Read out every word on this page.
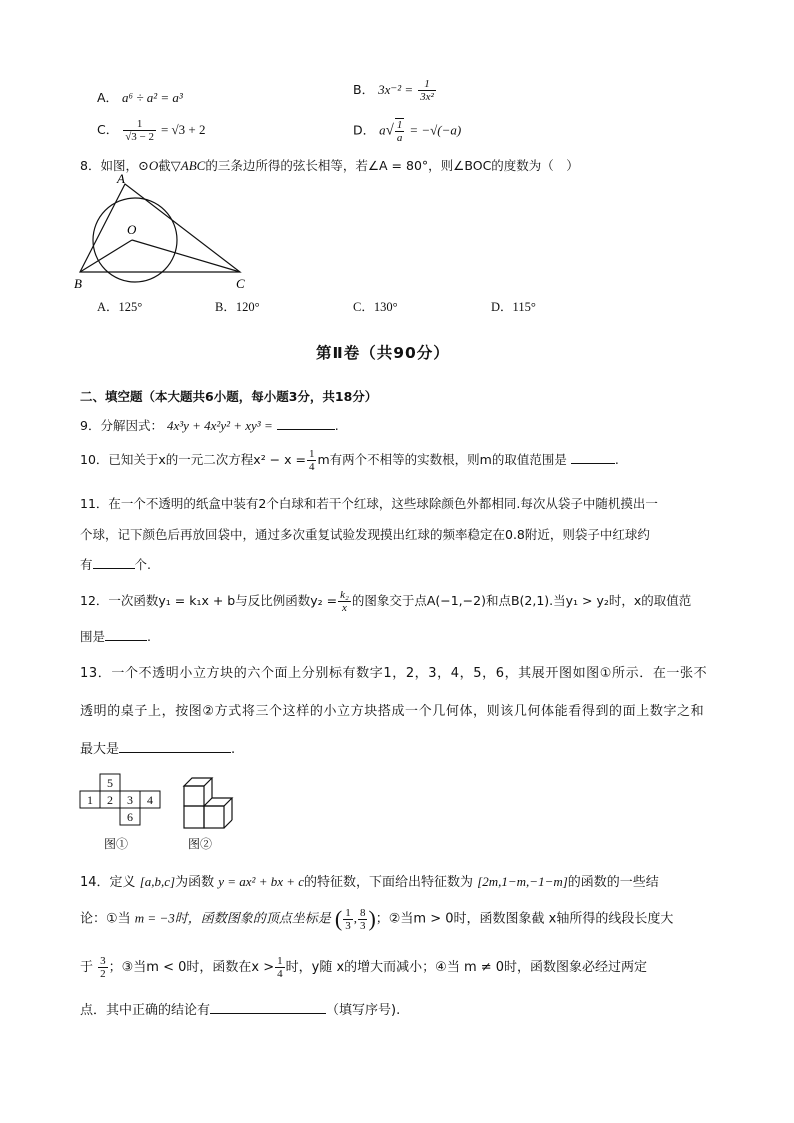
A． a⁶ ÷ a² = a³
B． $3x^{-2} = \frac{1}{\text{3x²}}$
C． $\frac{1}{√3 - 2} = √3 + 2$	D． $a√ \frac{1}{a} = -√(-a)$
8．如图，⊙O截▽ABC的三条边所得的弦长相等，若∠A = 80°，则∠BOC的度数为（　）
A
O
B	C
A．125°	B．120°	C．130°	D．115°
第Ⅱ卷（共90分）
二、填空题（本大题共6小题，每小题3分，共18分）
9．分解因式： 4x³y + 4x²y² + xy³ =	.
10．已知关于x的一元二次方程$x^2 - x = \frac{1}{4}$ m有两个不相等的实数根，则m的取值范围是	.
11．在一个不透明的纸盒中装有2个白球和若干个红球，这些球除颜色外都相同.每次从袋子中随机摸出一
个球，记下颜色后再放回袋中，通过多次重复试验发现摸出红球的频率稳定在0.8附近，则袋子中红球约
有	个.
12．一次函数y₁ = k₁x + b与反比例函数$y_2 = \frac{\text{k₂}}{x}$ 的图象交于点A(−1,−2)和点B(2,1).当y₁ > y₂时，x的取值范
围是	.
13．一个不透明小立方块的六个面上分别标有数字1，2，3，4，5，6，其展开图如图①所示．在一张不
透明的桌子上，按图②方式将三个这样的小立方块搭成一个几何体，则该几何体能看得到的面上数字之和
最大是	.
5
1 2 3 4
6
图①	图②
14．定义 [a,b,c]为函数 y = ax² + bx + c的特征数，下面给出特征数为 [2m,1−m,−1−m]的函数的一些结
论：①当 m = −3时，函数图象的顶点坐标是 ( $\frac{1}{3}$ , $\frac{8}{3}$ )；②当m > 0时，函数图象截 x轴所得的线段长度大
于 $\frac{3}{2}$ ；③当m < 0时，函数在$x > \frac{1}{4}$ 时，y随 x的增大而减小；④当 m ≠ 0时，函数图象必经过两定
点．其中正确的结论有	（填写序号).
